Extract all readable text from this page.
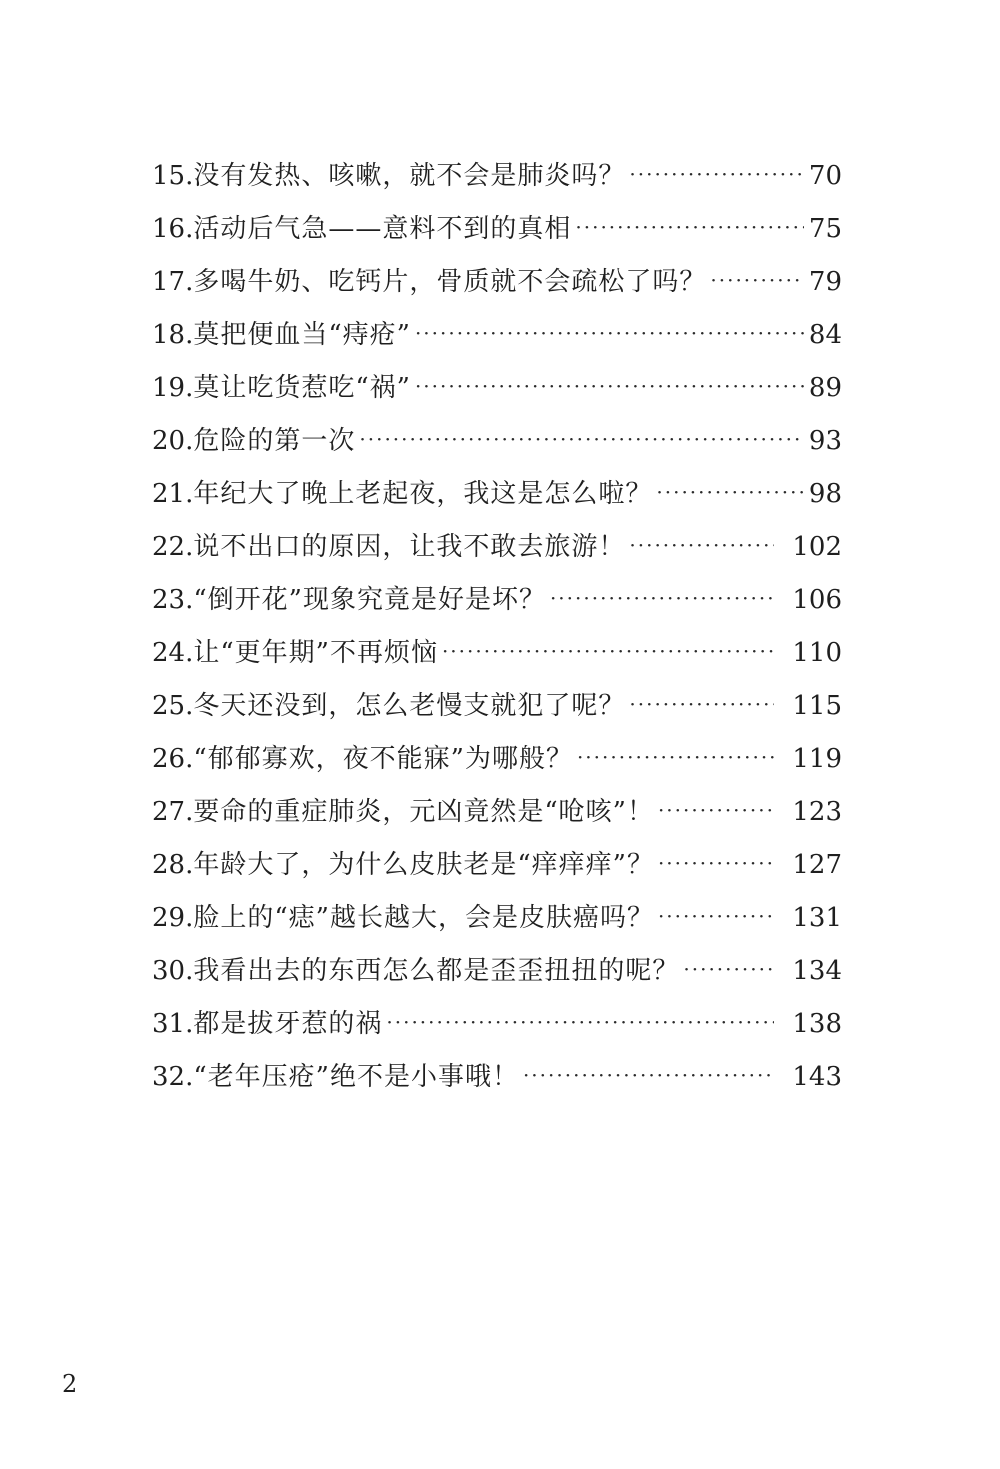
15. 没有发热、咳嗽，就不会是肺炎吗？ ·····	70
16. 活动后气急——意料不到的真相 ·····	75
17. 多喝牛奶、吃钙片，骨质就不会疏松了吗？ ·····	79
18. 莫把便血当“痔疮” ·····	84
19. 莫让吃货惹吃“祸” ·····	89
20. 危险的第一次 ·····	93
21. 年纪大了晚上老起夜，我这是怎么啦？ ·····	98
22. 说不出口的原因，让我不敢去旅游！ ·····	102
23. “倒开花”现象究竟是好是坏？ ·····	106
24. 让“更年期”不再烦恼 ·····	110
25. 冬天还没到，怎么老慢支就犯了呢？ ·····	115
26. “郁郁寡欢，夜不能寐”为哪般？ ·····	119
27. 要命的重症肺炎，元凶竟然是“呛咳”！ ·····	123
28. 年龄大了，为什么皮肤老是“痒痒痒”？ ·····	127
29. 脸上的“痣”越长越大，会是皮肤癌吗？ ·····	131
30. 我看出去的东西怎么都是歪歪扭扭的呢？ ·····	134
31. 都是拔牙惹的祸 ·····	138
32. “老年压疮”绝不是小事哦！ ·····	143
2
